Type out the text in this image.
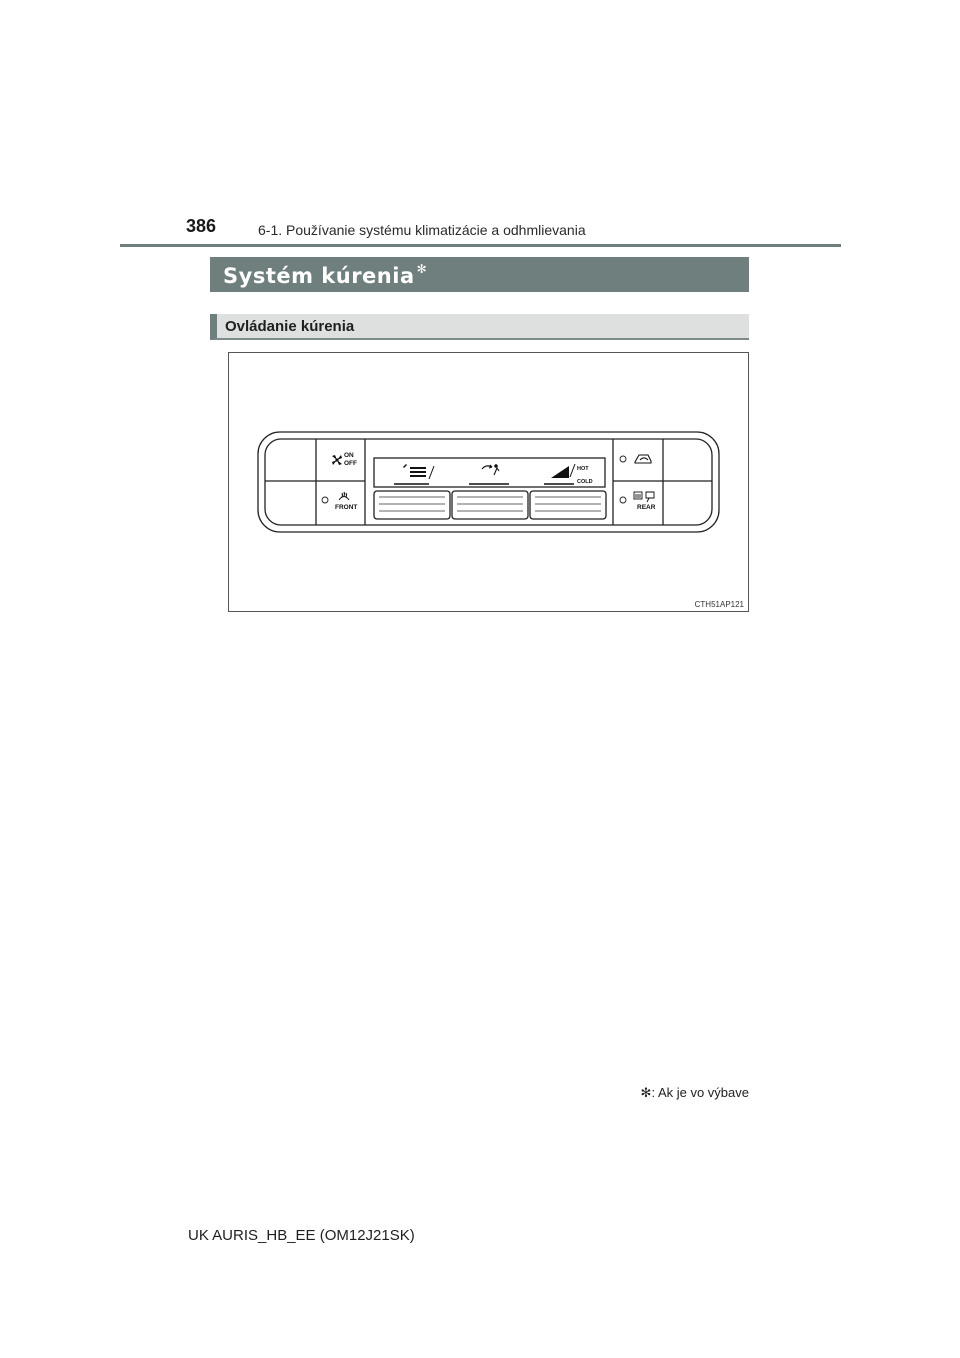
386	6-1. Používanie systému klimatizácie a odhmlievania
Systém kúrenia ✻
Ovládanie kúrenia
ON
OFF
FRONT	REAR
HOT
COLD
CTH51AP121
✻: Ak je vo výbave
UK AURIS_HB_EE (OM12J21SK)
